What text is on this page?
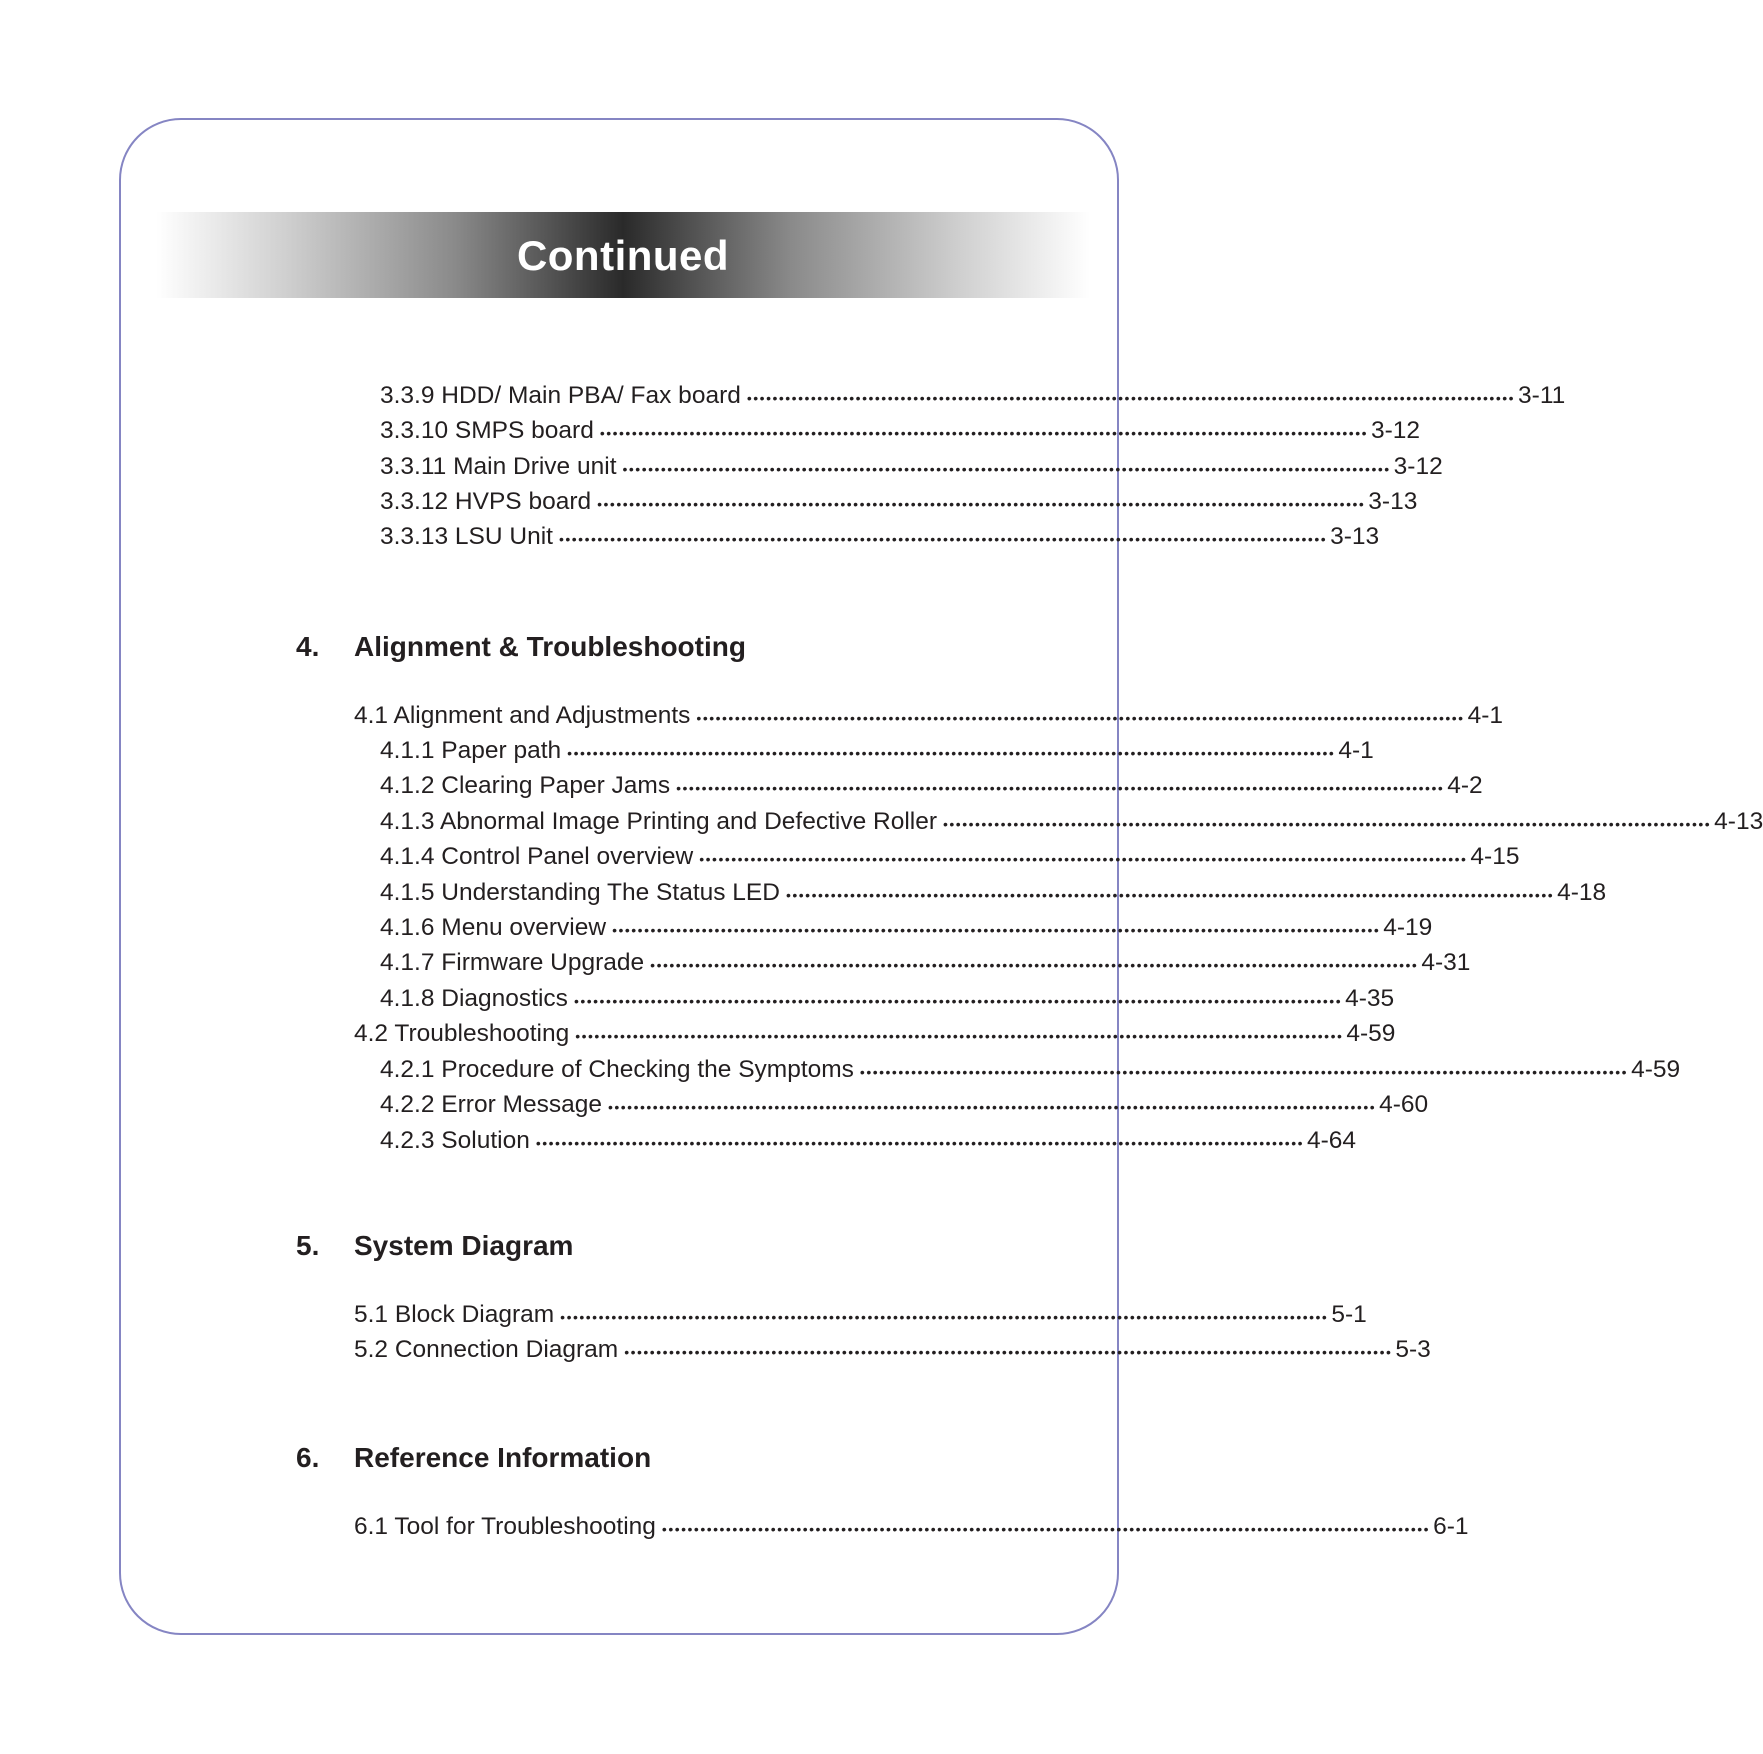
Continued
3.3.9 HDD/ Main PBA/ Fax board •••••••••••••••••••••••••••••••••••••••••••••••••••••••••••••••••••••••••••••••••••••••••••••••••••••••••••••••••••••••• 3-11
3.3.10 SMPS board •••••••••••••••••••••••••••••••••••••••••••••••••••••••••••••••••••••••••••••••••••••••••••••••••••••••••••••••••••••••• 3-12
3.3.11 Main Drive unit •••••••••••••••••••••••••••••••••••••••••••••••••••••••••••••••••••••••••••••••••••••••••••••••••••••••••••••••••••••••• 3-12
3.3.12 HVPS board •••••••••••••••••••••••••••••••••••••••••••••••••••••••••••••••••••••••••••••••••••••••••••••••••••••••••••••••••••••••• 3-13
3.3.13 LSU Unit •••••••••••••••••••••••••••••••••••••••••••••••••••••••••••••••••••••••••••••••••••••••••••••••••••••••••••••••••••••••• 3-13
4. Alignment & Troubleshooting
4.1 Alignment and Adjustments •••••••••••••••••••••••••••••••••••••••••••••••••••••••••••••••••••••••••••••••••••••••••••••••••••••••••••••••••••••••• 4-1
4.1.1 Paper path •••••••••••••••••••••••••••••••••••••••••••••••••••••••••••••••••••••••••••••••••••••••••••••••••••••••••••••••••••••••• 4-1
4.1.2 Clearing Paper Jams •••••••••••••••••••••••••••••••••••••••••••••••••••••••••••••••••••••••••••••••••••••••••••••••••••••••••••••••••••••••• 4-2
4.1.3 Abnormal Image Printing and Defective Roller •••••••••••••••••••••••••••••••••••••••••••••••••••••••••••••••••••••••••••••••••••••••••••••••••••••••••••••••••••••••• 4-13
4.1.4 Control Panel overview •••••••••••••••••••••••••••••••••••••••••••••••••••••••••••••••••••••••••••••••••••••••••••••••••••••••••••••••••••••••• 4-15
4.1.5 Understanding The Status LED •••••••••••••••••••••••••••••••••••••••••••••••••••••••••••••••••••••••••••••••••••••••••••••••••••••••••••••••••••••••• 4-18
4.1.6 Menu overview •••••••••••••••••••••••••••••••••••••••••••••••••••••••••••••••••••••••••••••••••••••••••••••••••••••••••••••••••••••••• 4-19
4.1.7 Firmware Upgrade •••••••••••••••••••••••••••••••••••••••••••••••••••••••••••••••••••••••••••••••••••••••••••••••••••••••••••••••••••••••• 4-31
4.1.8 Diagnostics •••••••••••••••••••••••••••••••••••••••••••••••••••••••••••••••••••••••••••••••••••••••••••••••••••••••••••••••••••••••• 4-35
4.2 Troubleshooting •••••••••••••••••••••••••••••••••••••••••••••••••••••••••••••••••••••••••••••••••••••••••••••••••••••••••••••••••••••••• 4-59
4.2.1 Procedure of Checking the Symptoms •••••••••••••••••••••••••••••••••••••••••••••••••••••••••••••••••••••••••••••••••••••••••••••••••••••••••••••••••••••••• 4-59
4.2.2 Error Message •••••••••••••••••••••••••••••••••••••••••••••••••••••••••••••••••••••••••••••••••••••••••••••••••••••••••••••••••••••••• 4-60
4.2.3 Solution •••••••••••••••••••••••••••••••••••••••••••••••••••••••••••••••••••••••••••••••••••••••••••••••••••••••••••••••••••••••• 4-64
5. System Diagram
5.1 Block Diagram •••••••••••••••••••••••••••••••••••••••••••••••••••••••••••••••••••••••••••••••••••••••••••••••••••••••••••••••••••••••• 5-1
5.2 Connection Diagram •••••••••••••••••••••••••••••••••••••••••••••••••••••••••••••••••••••••••••••••••••••••••••••••••••••••••••••••••••••••• 5-3
6. Reference Information
6.1 Tool for Troubleshooting •••••••••••••••••••••••••••••••••••••••••••••••••••••••••••••••••••••••••••••••••••••••••••••••••••••••••••••••••••••••• 6-1
